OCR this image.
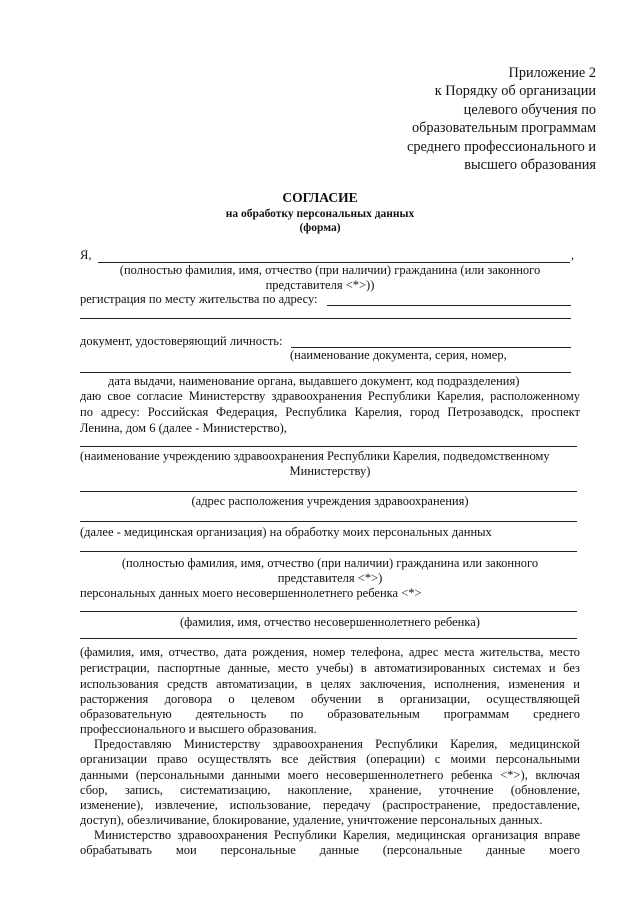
Приложение 2
к Порядку об организации
целевого обучения по
образовательным программам
среднего профессионального и
высшего образования
СОГЛАСИЕ
на обработку персональных данных
(форма)
Я,	,
(полностью фамилия, имя, отчество (при наличии) гражданина (или законного
представителя <*>))
регистрация по месту жительства по адресу:
документ, удостоверяющий личность:
(наименование документа, серия, номер,
дата выдачи, наименование органа, выдавшего документ, код подразделения)
даю свое согласие Министерству здравоохранения Республики Карелия, расположенному
по адресу: Российская Федерация, Республика Карелия, город Петрозаводск, проспект
Ленина, дом 6 (далее - Министерство),
(наименование учреждению здравоохранения Республики Карелия, подведомственному
Министерству)
(адрес расположения учреждения здравоохранения)
(далее - медицинская организация) на обработку моих персональных данных
(полностью фамилия, имя, отчество (при наличии) гражданина или законного
представителя <*>)
персональных данных моего несовершеннолетнего ребенка <*>
(фамилия, имя, отчество несовершеннолетнего ребенка)
(фамилия, имя, отчество, дата рождения, номер телефона, адрес места жительства, место
регистрации, паспортные данные, место учебы) в автоматизированных системах и без
использования средств автоматизации, в целях заключения, исполнения, изменения и
расторжения договора о целевом обучении в организации, осуществляющей
образовательную деятельность по образовательным программам среднего
профессионального и высшего образования.
Предоставляю Министерству здравоохранения Республики Карелия, медицинской
организации право осуществлять все действия (операции) с моими персональными
данными (персональными данными моего несовершеннолетнего ребенка <*>), включая
сбор, запись, систематизацию, накопление, хранение, уточнение (обновление,
изменение), извлечение, использование, передачу (распространение, предоставление,
доступ), обезличивание, блокирование, удаление, уничтожение персональных данных.
Министерство здравоохранения Республики Карелия, медицинская организация вправе
обрабатывать мои персональные данные (персональные данные моего
